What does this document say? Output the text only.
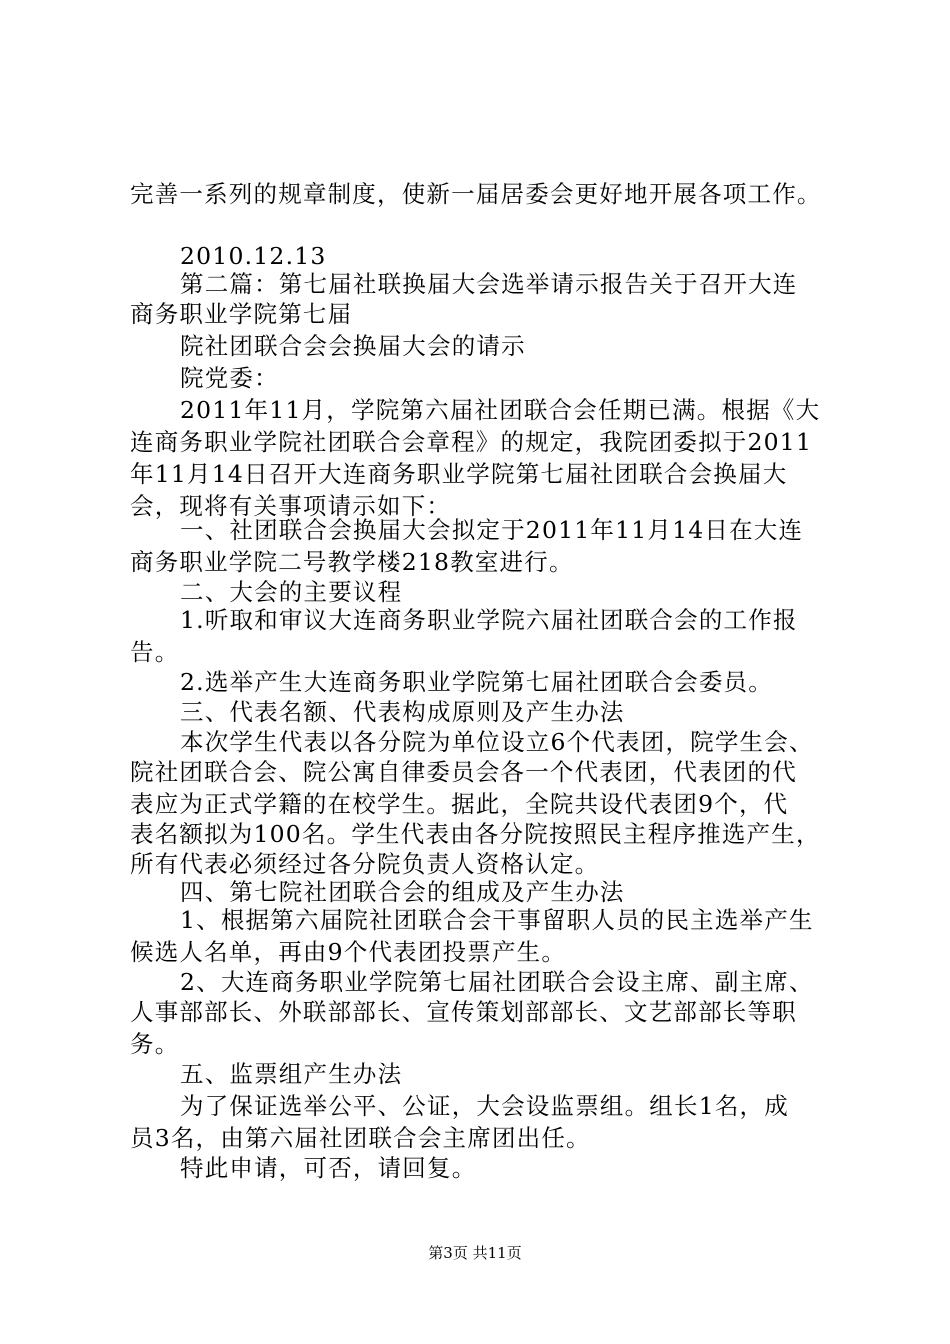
完善一系列的规章制度，使新一届居委会更好地开展各项工作。
2010.12.13
第二篇：第七届社联换届大会选举请示报告关于召开大连
商务职业学院第七届
院社团联合会会换届大会的请示
院党委：
2011年11月，学院第六届社团联合会任期已满。根据《大
连商务职业学院社团联合会章程》的规定，我院团委拟于2011
年11月14日召开大连商务职业学院第七届社团联合会换届大
会，现将有关事项请示如下：
一、社团联合会换届大会拟定于2011年11月14日在大连
商务职业学院二号教学楼218教室进行。
二、大会的主要议程
1.听取和审议大连商务职业学院六届社团联合会的工作报
告。
2.选举产生大连商务职业学院第七届社团联合会委员。
三、代表名额、代表构成原则及产生办法
本次学生代表以各分院为单位设立6个代表团，院学生会、
院社团联合会、院公寓自律委员会各一个代表团，代表团的代
表应为正式学籍的在校学生。据此，全院共设代表团9个，代
表名额拟为100名。学生代表由各分院按照民主程序推选产生，
所有代表必须经过各分院负责人资格认定。
四、第七院社团联合会的组成及产生办法
1、根据第六届院社团联合会干事留职人员的民主选举产生
候选人名单，再由9个代表团投票产生。
2、大连商务职业学院第七届社团联合会设主席、副主席、
人事部部长、外联部部长、宣传策划部部长、文艺部部长等职
务。
五、监票组产生办法
为了保证选举公平、公证，大会设监票组。组长1名，成
员3名，由第六届社团联合会主席团出任。
特此申请，可否，请回复。
第3页 共11页
